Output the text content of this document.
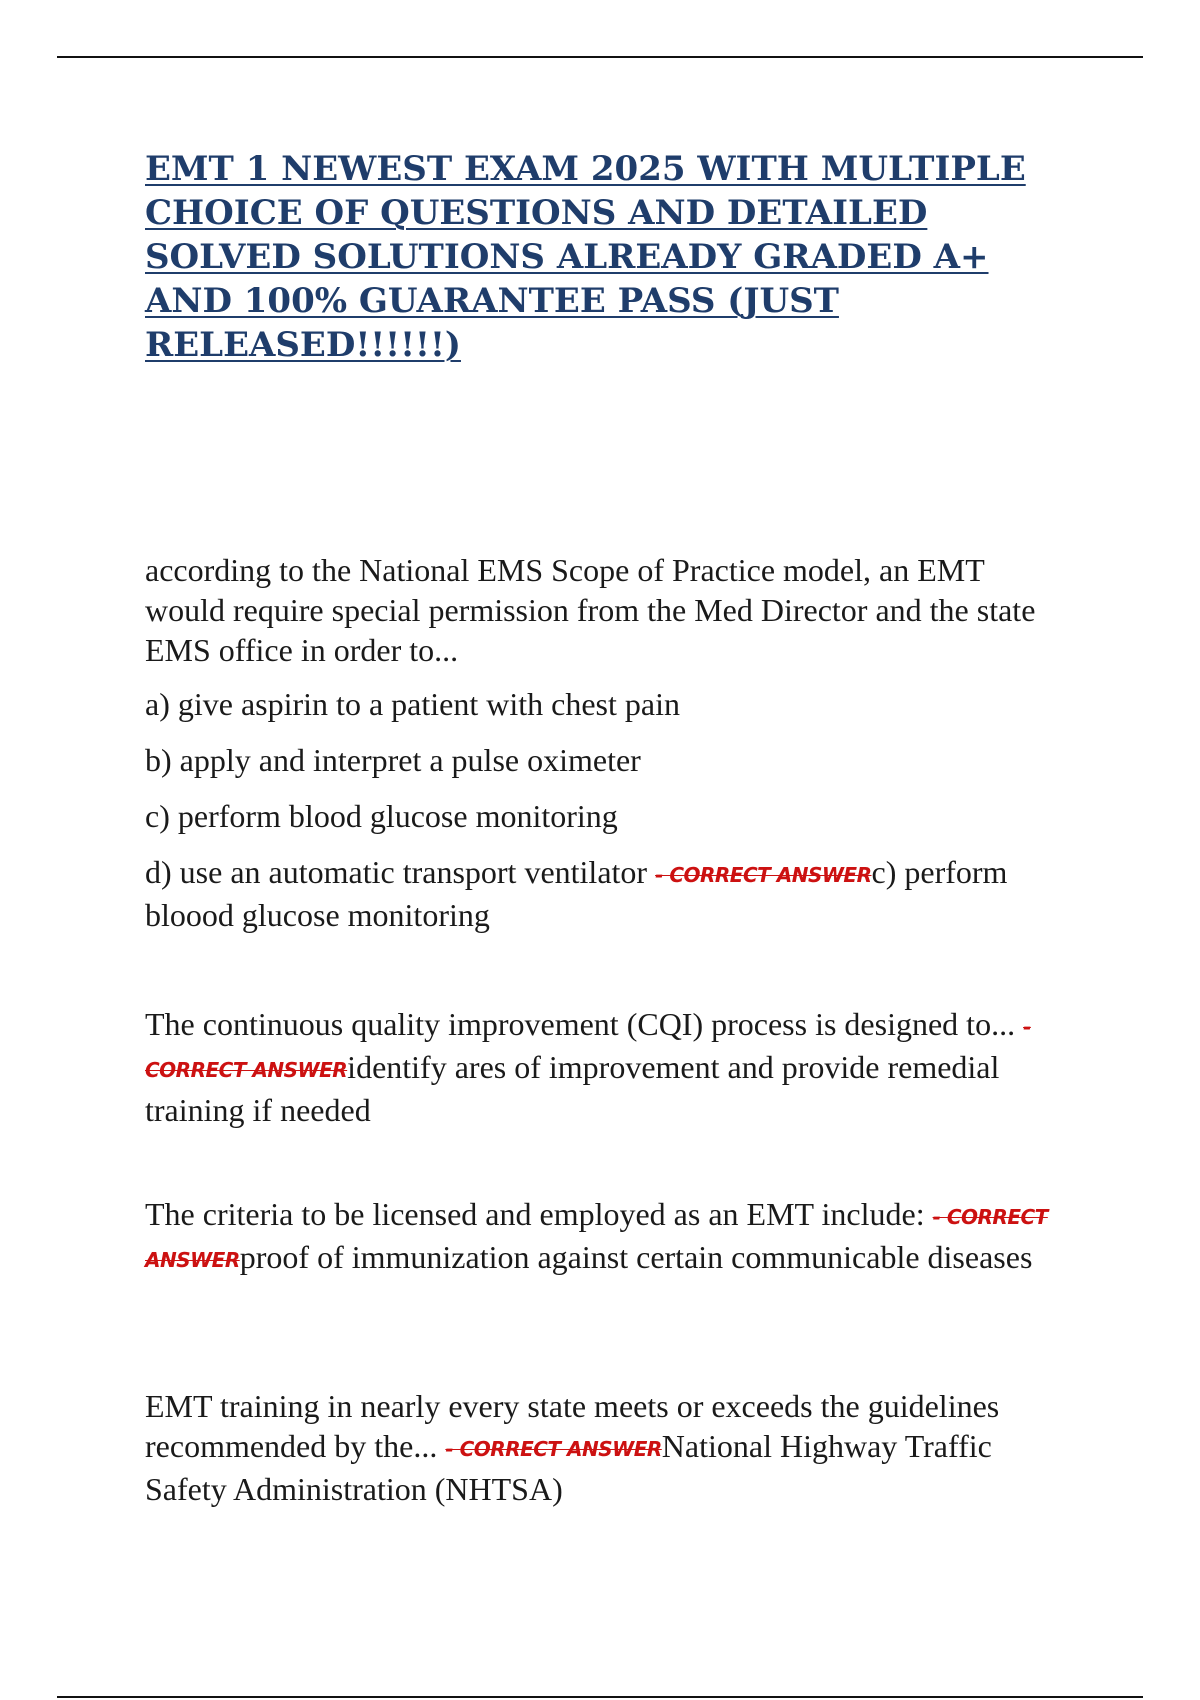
EMT 1 NEWEST EXAM 2025 WITH MULTIPLE CHOICE OF QUESTIONS AND DETAILED SOLVED SOLUTIONS ALREADY GRADED A+ AND 100% GUARANTEE PASS (JUST RELEASED!!!!!!)

according to the National EMS Scope of Practice model, an EMT would require special permission from the Med Director and the state EMS office in order to...

a) give aspirin to a patient with chest pain

b) apply and interpret a pulse oximeter

c) perform blood glucose monitoring

d) use an automatic transport ventilator - CORRECT ANSWERc) perform bloood glucose monitoring

The continuous quality improvement (CQI) process is designed to... - CORRECT ANSWERidentify ares of improvement and provide remedial training if needed

The criteria to be licensed and employed as an EMT include: - CORRECT ANSWERproof of immunization against certain communicable diseases

EMT training in nearly every state meets or exceeds the guidelines recommended by the... - CORRECT ANSWERNational Highway Traffic Safety Administration (NHTSA)
